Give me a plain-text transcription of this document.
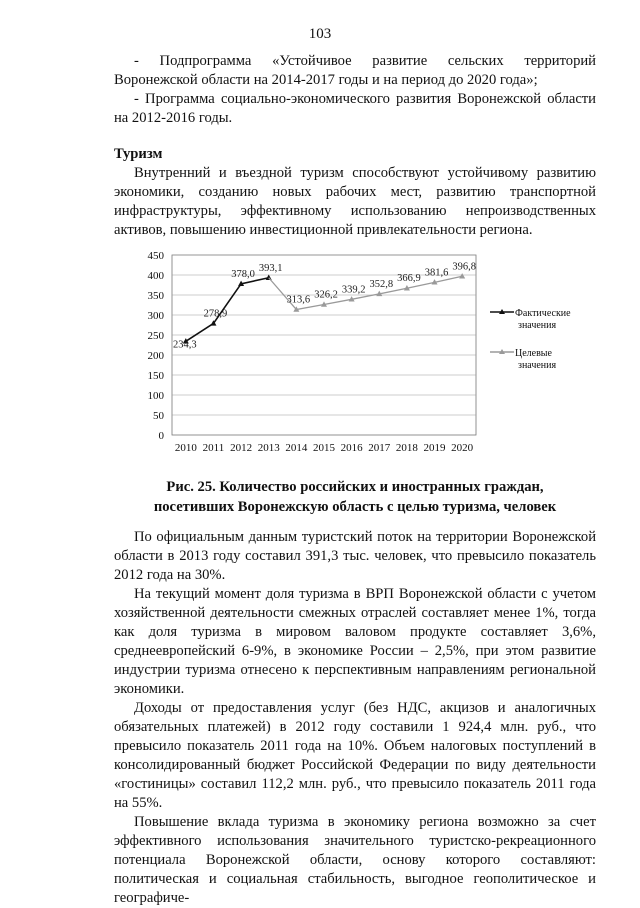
103

- Подпрограмма «Устойчивое развитие сельских территорий Воронежской области на 2014-2017 годы и на период до 2020 года»;

- Программа социально-экономического развития Воронежской области на 2012-2016 годы.

Туризм

Внутренний и въездной туризм способствуют устойчивому развитию экономики, созданию новых рабочих мест, развитию транспортной инфраструктуры, эффективному использованию непроизводственных активов, повышению инвестиционной привлекательности региона.

0
50
100
150
200
250
300
350
400
450
2010 2011 2012 2013 2014 2015 2016 2017 2018 2019 2020
234,3
278,9
378,0
393,1
313,6 326,2 339,2 352,8
366,9
381,6
396,8
Фактические
значения
Целевые
значения
Рис. 25. Количество российских и иностранных граждан,
посетивших Воронежскую область с целью туризма, человек

По официальным данным туристский поток на территории Воронежской области в 2013 году составил 391,3 тыс. человек, что превысило показатель 2012 года на 30%.

На текущий момент доля туризма в ВРП Воронежской области с учетом хозяйственной деятельности смежных отраслей составляет менее 1%, тогда как доля туризма в мировом валовом продукте составляет 3,6%, среднеевропейский 6-9%, в экономике России – 2,5%, при этом развитие индустрии туризма отнесено к перспективным направлениям региональной экономики.

Доходы от предоставления услуг (без НДС, акцизов и аналогичных обязательных платежей) в 2012 году составили 1 924,4 млн. руб., что превысило показатель 2011 года на 10%. Объем налоговых поступлений в консолидированный бюджет Российской Федерации по виду деятельности «гостиницы» составил 112,2 млн. руб., что превысило показатель 2011 года на 55%.

Повышение вклада туризма в экономику региона возможно за счет эффективного использования значительного туристско-рекреационного потенциала Воронежской области, основу которого составляют: политическая и социальная стабильность, выгодное геополитическое и географиче-
